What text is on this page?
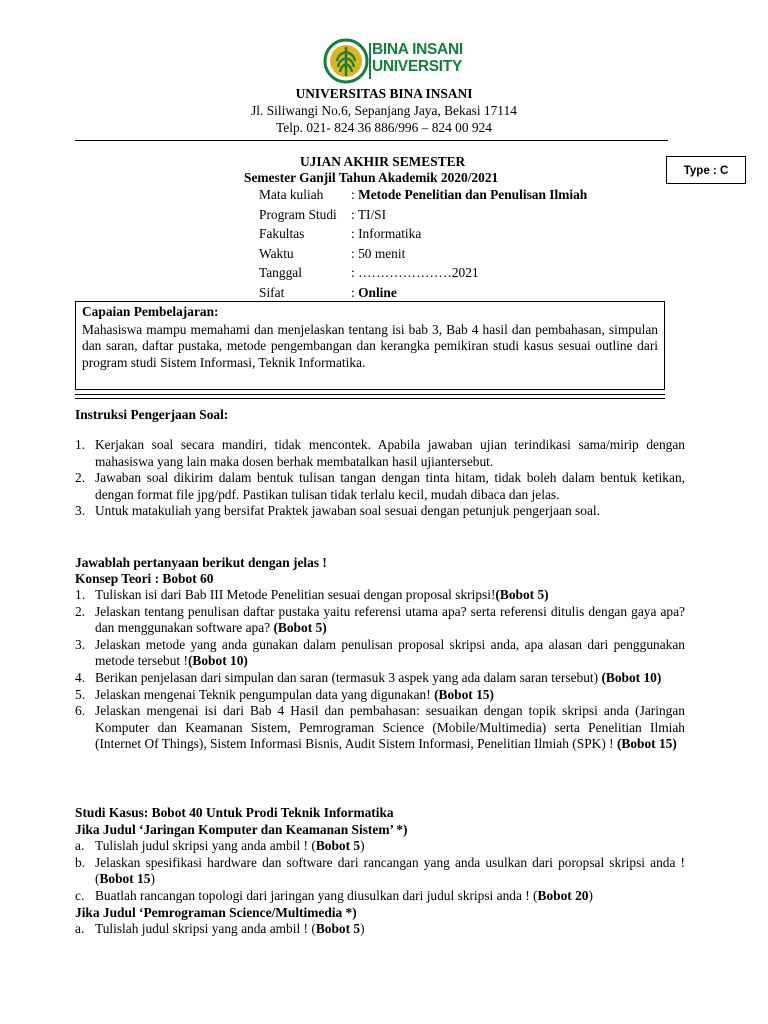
BINA INSANI
UNIVERSITY
UNIVERSITAS BINA INSANI
Jl. Siliwangi No.6, Sepanjang Jaya, Bekasi 17114
Telp. 021- 824 36 886/996 – 824 00 924
UJIAN AKHIR SEMESTER
Semester Ganjil Tahun Akademik 2020/2021	Type : C
Mata kuliah : Metode Penelitian dan Penulisan Ilmiah
Program Studi : TI/SI
Fakultas	: Informatika
Waktu	: 50 menit
Tanggal	: …………………2021
Sifat	: Online
Capaian Pembelajaran:
Mahasiswa mampu memahami dan menjelaskan tentang isi bab 3, Bab 4 hasil dan pembahasan, simpulan dan saran, daftar pustaka, metode pengembangan dan kerangka pemikiran studi kasus sesuai outline dari program studi Sistem Informasi, Teknik Informatika.
Instruksi Pengerjaan Soal:
1. Kerjakan soal secara mandiri, tidak mencontek. Apabila jawaban ujian terindikasi sama/mirip dengan mahasiswa yang lain maka dosen berhak membatalkan hasil ujiantersebut.
2. Jawaban soal dikirim dalam bentuk tulisan tangan dengan tinta hitam, tidak boleh dalam bentuk ketikan, dengan format file jpg/pdf. Pastikan tulisan tidak terlalu kecil, mudah dibaca dan jelas.
3. Untuk matakuliah yang bersifat Praktek jawaban soal sesuai dengan petunjuk pengerjaan soal.
Jawablah pertanyaan berikut dengan jelas !
Konsep Teori : Bobot 60
1. Tuliskan isi dari Bab III Metode Penelitian sesuai dengan proposal skripsi!(Bobot 5)
2. Jelaskan tentang penulisan daftar pustaka yaitu referensi utama apa? serta referensi ditulis dengan gaya apa? dan menggunakan software apa? (Bobot 5)
3. Jelaskan metode yang anda gunakan dalam penulisan proposal skripsi anda, apa alasan dari penggunakan metode tersebut !(Bobot 10)
4. Berikan penjelasan dari simpulan dan saran (termasuk 3 aspek yang ada dalam saran tersebut) (Bobot 10)
5. Jelaskan mengenai Teknik pengumpulan data yang digunakan! (Bobot 15)
6. Jelaskan mengenai isi dari Bab 4 Hasil dan pembahasan: sesuaikan dengan topik skripsi anda (Jaringan Komputer dan Keamanan Sistem, Pemrograman Science (Mobile/Multimedia) serta Penelitian Ilmiah (Internet Of Things), Sistem Informasi Bisnis, Audit Sistem Informasi, Penelitian Ilmiah (SPK) ! (Bobot 15)
Studi Kasus: Bobot 40 Untuk Prodi Teknik Informatika
Jika Judul ‘Jaringan Komputer dan Keamanan Sistem’ *)
a. Tulislah judul skripsi yang anda ambil ! (Bobot 5)
b. Jelaskan spesifikasi hardware dan software dari rancangan yang anda usulkan dari poropsal skripsi anda ! (Bobot 15)
c. Buatlah rancangan topologi dari jaringan yang diusulkan dari judul skripsi anda ! (Bobot 20)
Jika Judul ‘Pemrograman Science/Multimedia *)
a. Tulislah judul skripsi yang anda ambil ! (Bobot 5)
